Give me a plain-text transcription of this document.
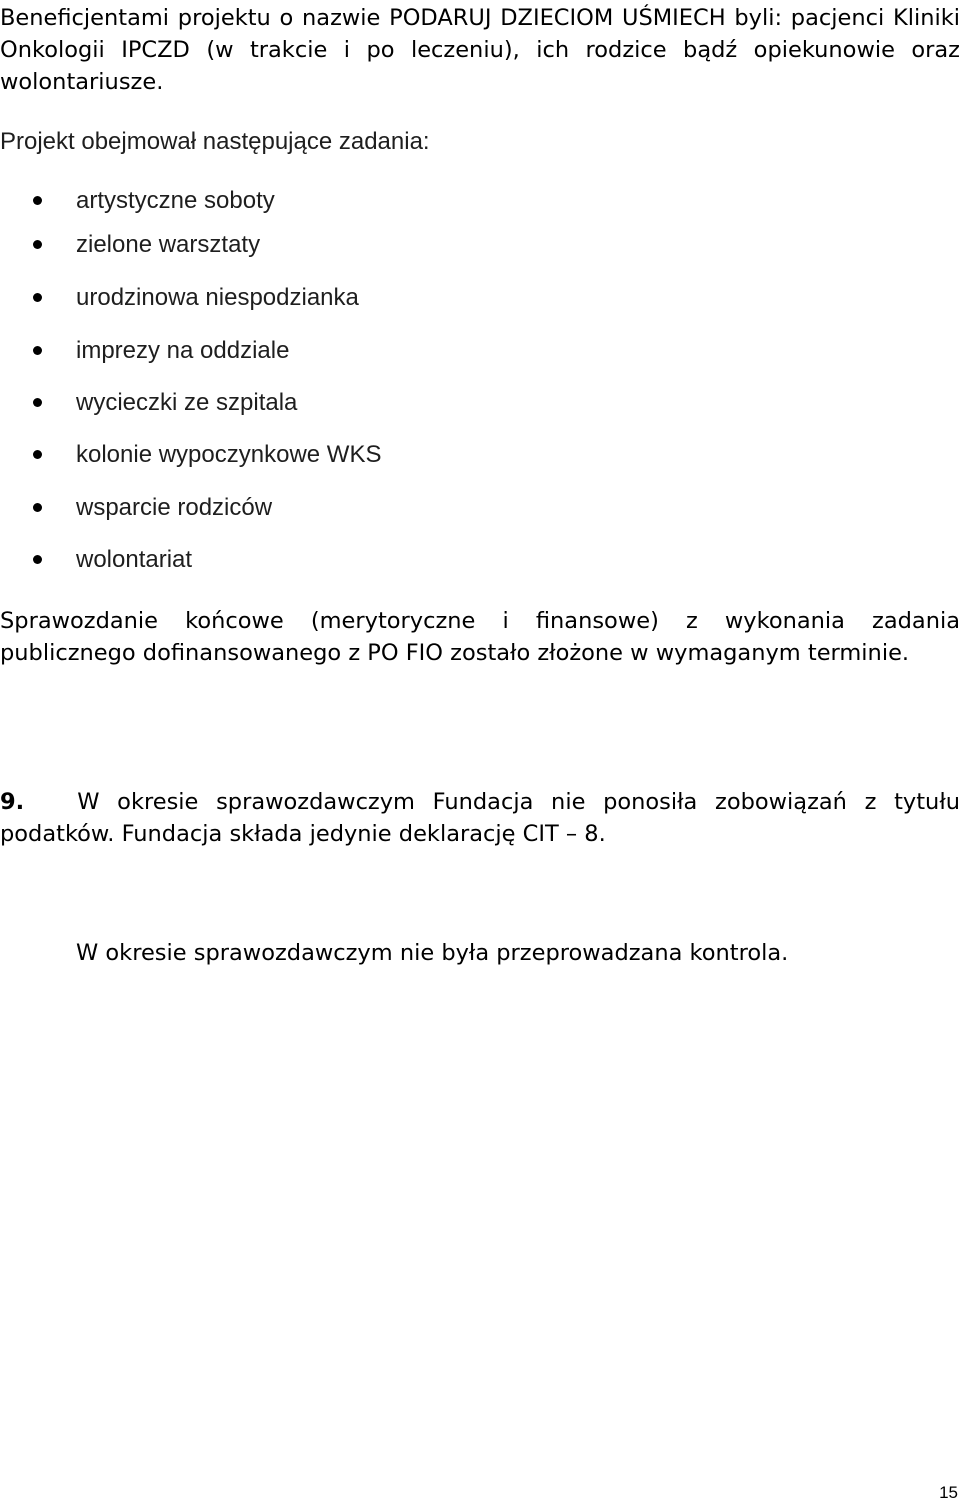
Beneficjentami projektu o nazwie PODARUJ DZIECIOM UŚMIECH byli: pacjenci Kliniki Onkologii IPCZD (w trakcie i po leczeniu), ich rodzice bądź opiekunowie oraz wolontariusze.

Projekt obejmował następujące zadania:

artystyczne soboty
zielone warsztaty
urodzinowa niespodzianka
imprezy na oddziale
wycieczki ze szpitala
kolonie wypoczynkowe WKS
wsparcie rodziców
wolontariat

Sprawozdanie końcowe (merytoryczne i finansowe) z wykonania zadania publicznego dofinansowanego z PO FIO zostało złożone w wymaganym terminie.

9. W okresie sprawozdawczym Fundacja nie ponosiła zobowiązań z tytułu podatków. Fundacja składa jedynie deklarację CIT – 8.

W okresie sprawozdawczym nie była przeprowadzana kontrola.

15
